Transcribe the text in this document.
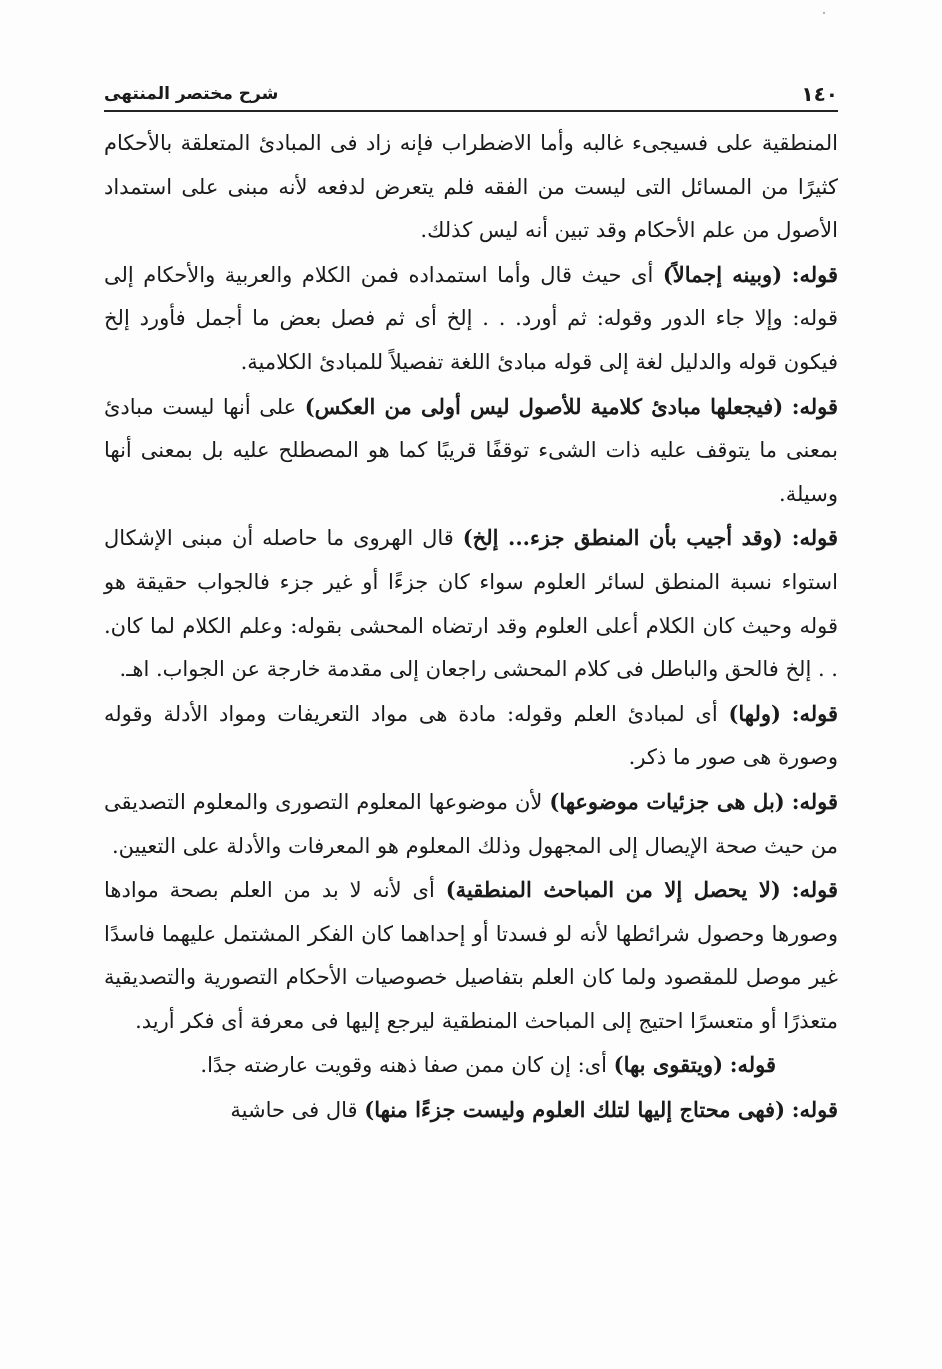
١٤٠
شرح مختصر المنتهى

المنطقية على فسيجىء غالبه وأما الاضطراب فإنه زاد فى المبادئ المتعلقة بالأحكام كثيرًا من المسائل التى ليست من الفقه فلم يتعرض لدفعه لأنه مبنى على استمداد الأصول من علم الأحكام وقد تبين أنه ليس كذلك.

قوله: (وبينه إجمالاً) أى حيث قال وأما استمداده فمن الكلام والعربية والأحكام إلى قوله: وإلا جاء الدور وقوله: ثم أورد. . . إلخ أى ثم فصل بعض ما أجمل فأورد إلخ فيكون قوله والدليل لغة إلى قوله مبادئ اللغة تفصيلاً للمبادئ الكلامية.

قوله: (فيجعلها مبادئ كلامية للأصول ليس أولى من العكس) على أنها ليست مبادئ بمعنى ما يتوقف عليه ذات الشىء توقفًا قريبًا كما هو المصطلح عليه بل بمعنى أنها وسيلة.

قوله: (وقد أجيب بأن المنطق جزء... إلخ) قال الهروى ما حاصله أن مبنى الإشكال استواء نسبة المنطق لسائر العلوم سواء كان جزءًا أو غير جزء فالجواب حقيقة هو قوله وحيث كان الكلام أعلى العلوم وقد ارتضاه المحشى بقوله: وعلم الكلام لما كان. . . إلخ فالحق والباطل فى كلام المحشى راجعان إلى مقدمة خارجة عن الجواب. اهـ.

قوله: (ولها) أى لمبادئ العلم وقوله: مادة هى مواد التعريفات ومواد الأدلة وقوله وصورة هى صور ما ذكر.

قوله: (بل هى جزئيات موضوعها) لأن موضوعها المعلوم التصورى والمعلوم التصديقى من حيث صحة الإيصال إلى المجهول وذلك المعلوم هو المعرفات والأدلة على التعيين.

قوله: (لا يحصل إلا من المباحث المنطقية) أى لأنه لا بد من العلم بصحة موادها وصورها وحصول شرائطها لأنه لو فسدتا أو إحداهما كان الفكر المشتمل عليهما فاسدًا غير موصل للمقصود ولما كان العلم بتفاصيل خصوصيات الأحكام التصورية والتصديقية متعذرًا أو متعسرًا احتيج إلى المباحث المنطقية ليرجع إليها فى معرفة أى فكر أريد.

قوله: (ويتقوى بها) أى: إن كان ممن صفا ذهنه وقويت عارضته جدًا.

قوله: (فهى محتاج إليها لتلك العلوم وليست جزءًا منها) قال فى حاشية
